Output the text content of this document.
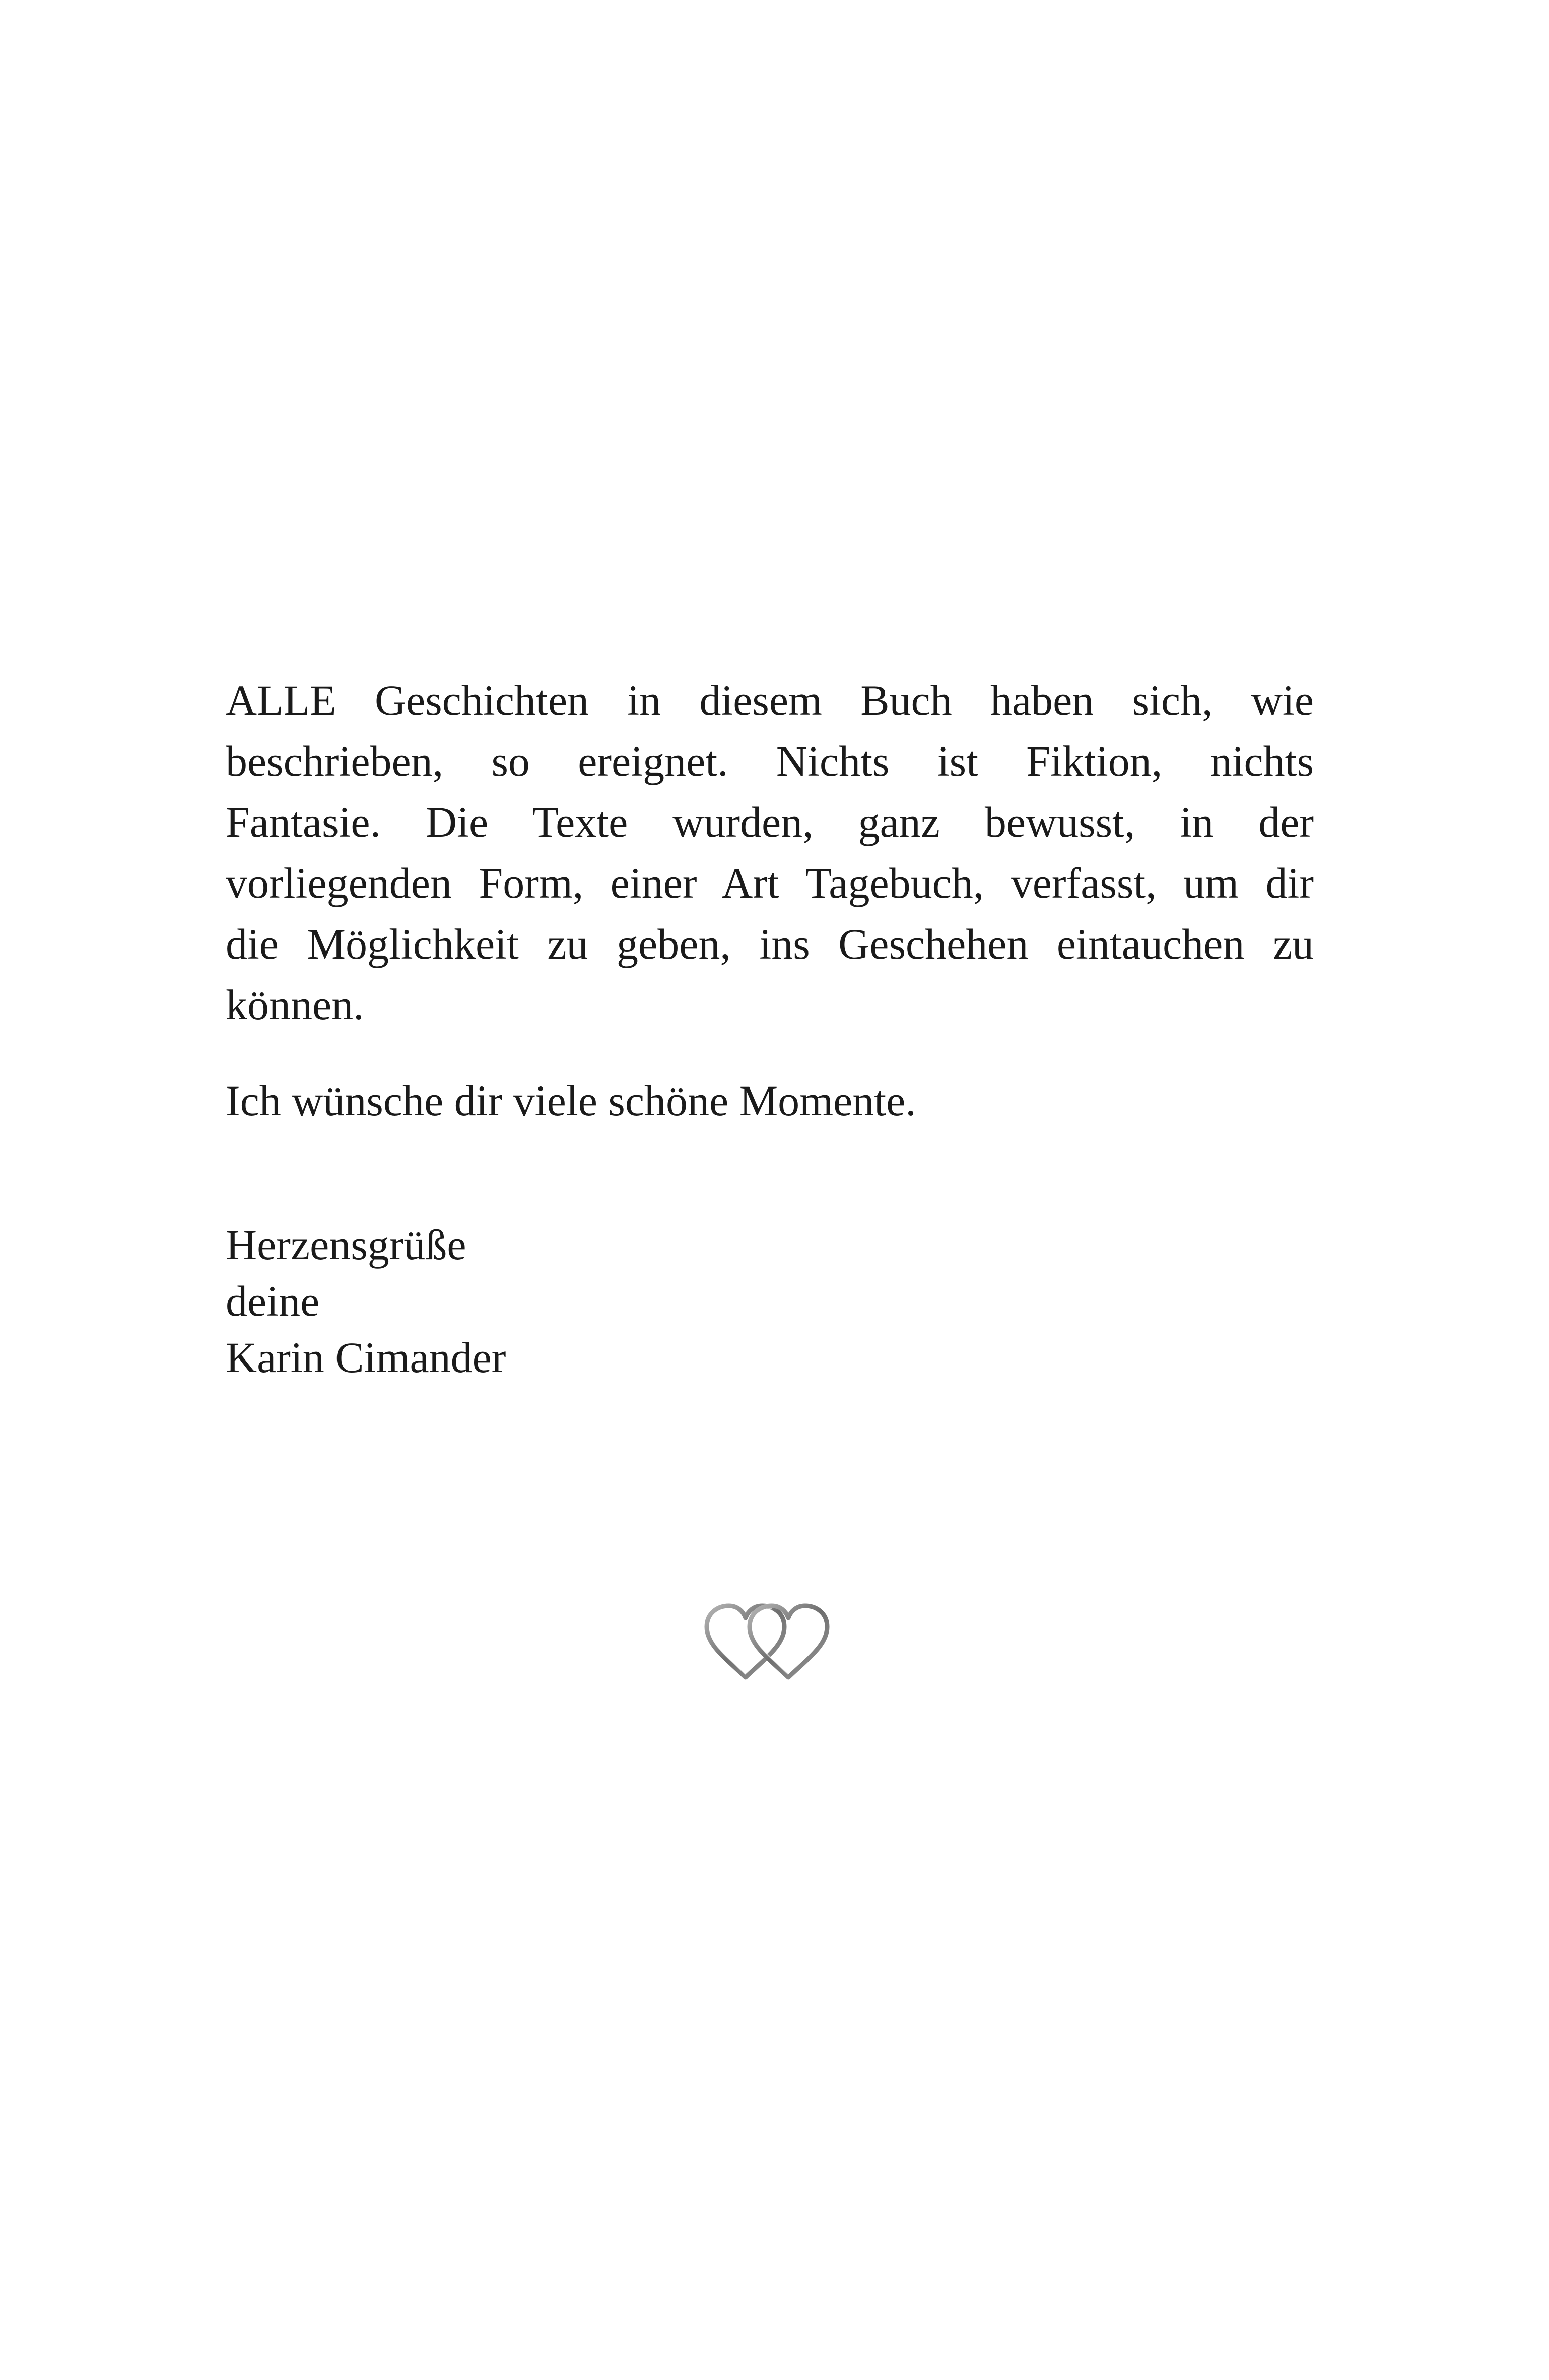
ALLE Geschichten in diesem Buch haben sich, wie
beschrieben, so ereignet. Nichts ist Fiktion, nichts
Fantasie. Die Texte wurden, ganz bewusst, in der
vorliegenden Form, einer Art Tagebuch, verfasst, um dir
die Möglichkeit zu geben, ins Geschehen eintauchen zu
können.

Ich wünsche dir viele schöne Momente.

Herzensgrüße
deine
Karin Cimander
